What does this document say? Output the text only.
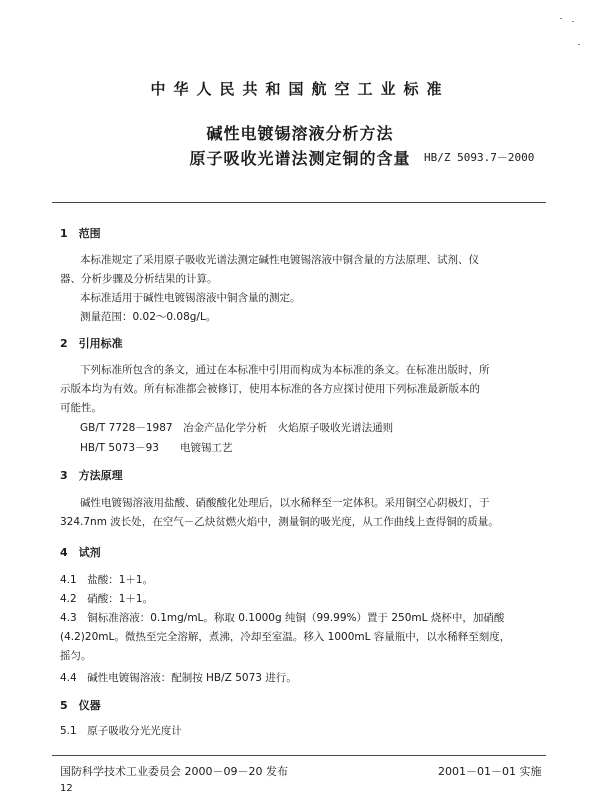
中华人民共和国航空工业标准
碱性电镀锡溶液分析方法
原子吸收光谱法测定铜的含量	HB/Z 5093.7－2000
1　范围
本标准规定了采用原子吸收光谱法测定碱性电镀锡溶液中铜含量的方法原理、试剂、仪
器、分析步骤及分析结果的计算。
本标准适用于碱性电镀锡溶液中铜含量的测定。
测量范围：0.02～0.08g/L。
2　引用标准
下列标准所包含的条文，通过在本标准中引用而构成为本标准的条文。在标准出版时，所
示版本均为有效。所有标准都会被修订，使用本标准的各方应探讨使用下列标准最新版本的
可能性。
GB/T 7728－1987　冶金产品化学分析　火焰原子吸收光谱法通则
HB/T 5073－93　　电镀锡工艺
3　方法原理
碱性电镀锡溶液用盐酸、硝酸酸化处理后，以水稀释至一定体积。采用铜空心阴极灯，于
324.7nm 波长处，在空气－乙炔贫燃火焰中，测量铜的吸光度，从工作曲线上查得铜的质量。
4　试剂
4.1　盐酸：1＋1。
4.2　硝酸：1＋1。
4.3　铜标准溶液：0.1mg/mL。称取 0.1000g 纯铜（99.99%）置于 250mL 烧杯中，加硝酸
(4.2)20mL。微热至完全溶解，煮沸，冷却至室温。移入 1000mL 容量瓶中，以水稀释至刻度，
摇匀。
4.4　碱性电镀锡溶液：配制按 HB/Z 5073 进行。
5　仪器
5.1　原子吸收分光光度计
国防科学技术工业委员会 2000－09－20 发布	2001－01－01 实施
12
